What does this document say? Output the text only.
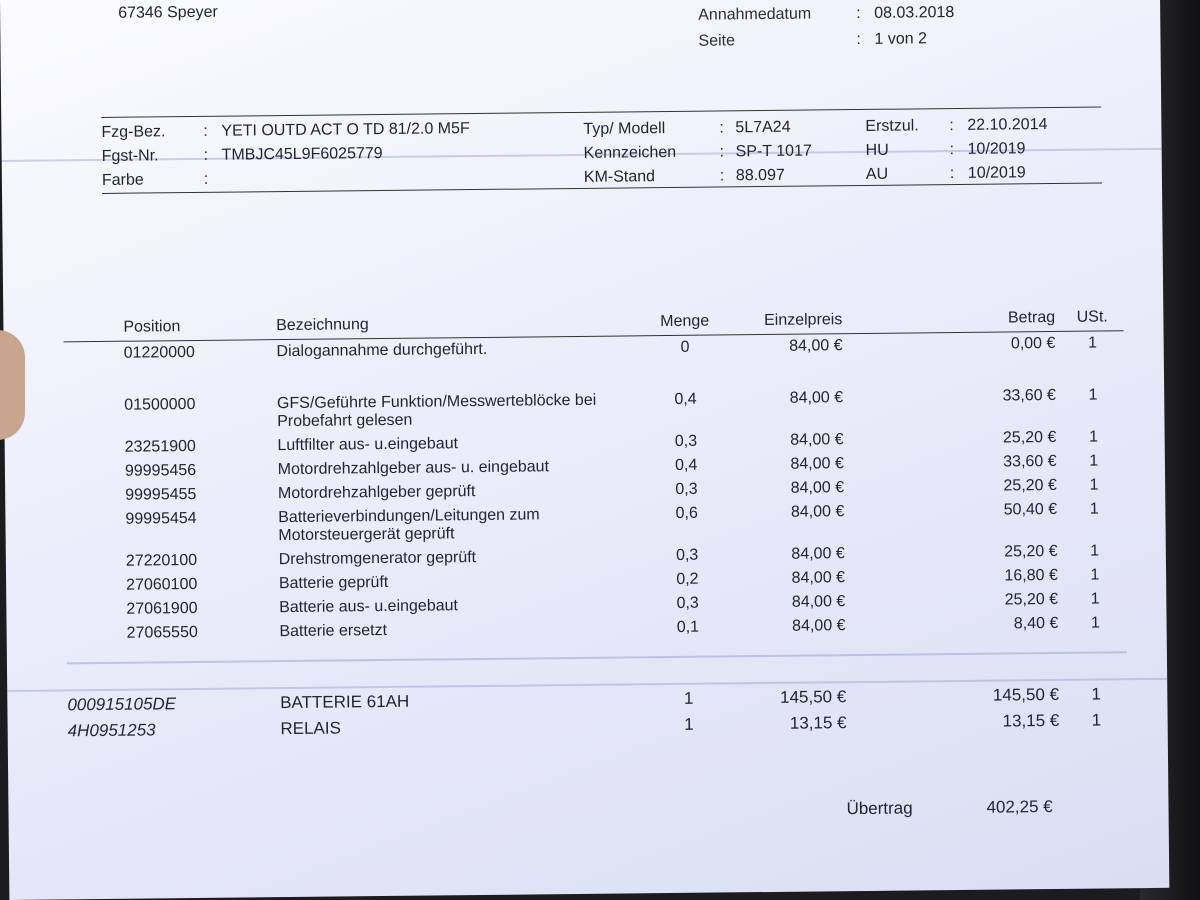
67346 Speyer	Annahmedatum	: 08.03.2018
Seite	: 1 von 2
Fzg-Bez. : YETI OUTD ACT O TD 81/2.0 M5F
Fgst-Nr.	: TMBJC45L9F6025779
Farbe	:
Typ/ Modell	: 5L7A24
Kennzeichen	: SP-T 1017
KM-Stand	: 88.097
Erstzul. : 22.10.2014
HU	: 10/2019
AU	: 10/2019
Position	Bezeichnung	Menge	Einzelpreis	Betrag	USt.
01220000	Dialogannahme durchgeführt.	0	84,00 €	0,00 €	1

01500000	GFS/Geführte Funktion/Messwerteblöcke bei Probefahrt gelesen	0,4	84,00 €	33,60 €	1
23251900	Luftfilter aus- u.eingebaut	0,3	84,00 €	25,20 €	1
99995456	Motordrehzahlgeber aus- u. eingebaut	0,4	84,00 €	33,60 €	1
99995455	Motordrehzahlgeber geprüft	0,3	84,00 €	25,20 €	1
99995454	Batterieverbindungen/Leitungen zum Motorsteuergerät geprüft	0,6	84,00 €	50,40 €	1
27220100	Drehstromgenerator geprüft	0,3	84,00 €	25,20 €	1
27060100	Batterie geprüft	0,2	84,00 €	16,80 €	1
27061900	Batterie aus- u.eingebaut	0,3	84,00 €	25,20 €	1
27065550	Batterie ersetzt	0,1	84,00 €	8,40 €	1

000915105DE	BATTERIE 61AH	1	145,50 €	145,50 €	1
4H0951253	RELAIS	1	13,15 €	13,15 €	1
Übertrag	402,25 €
